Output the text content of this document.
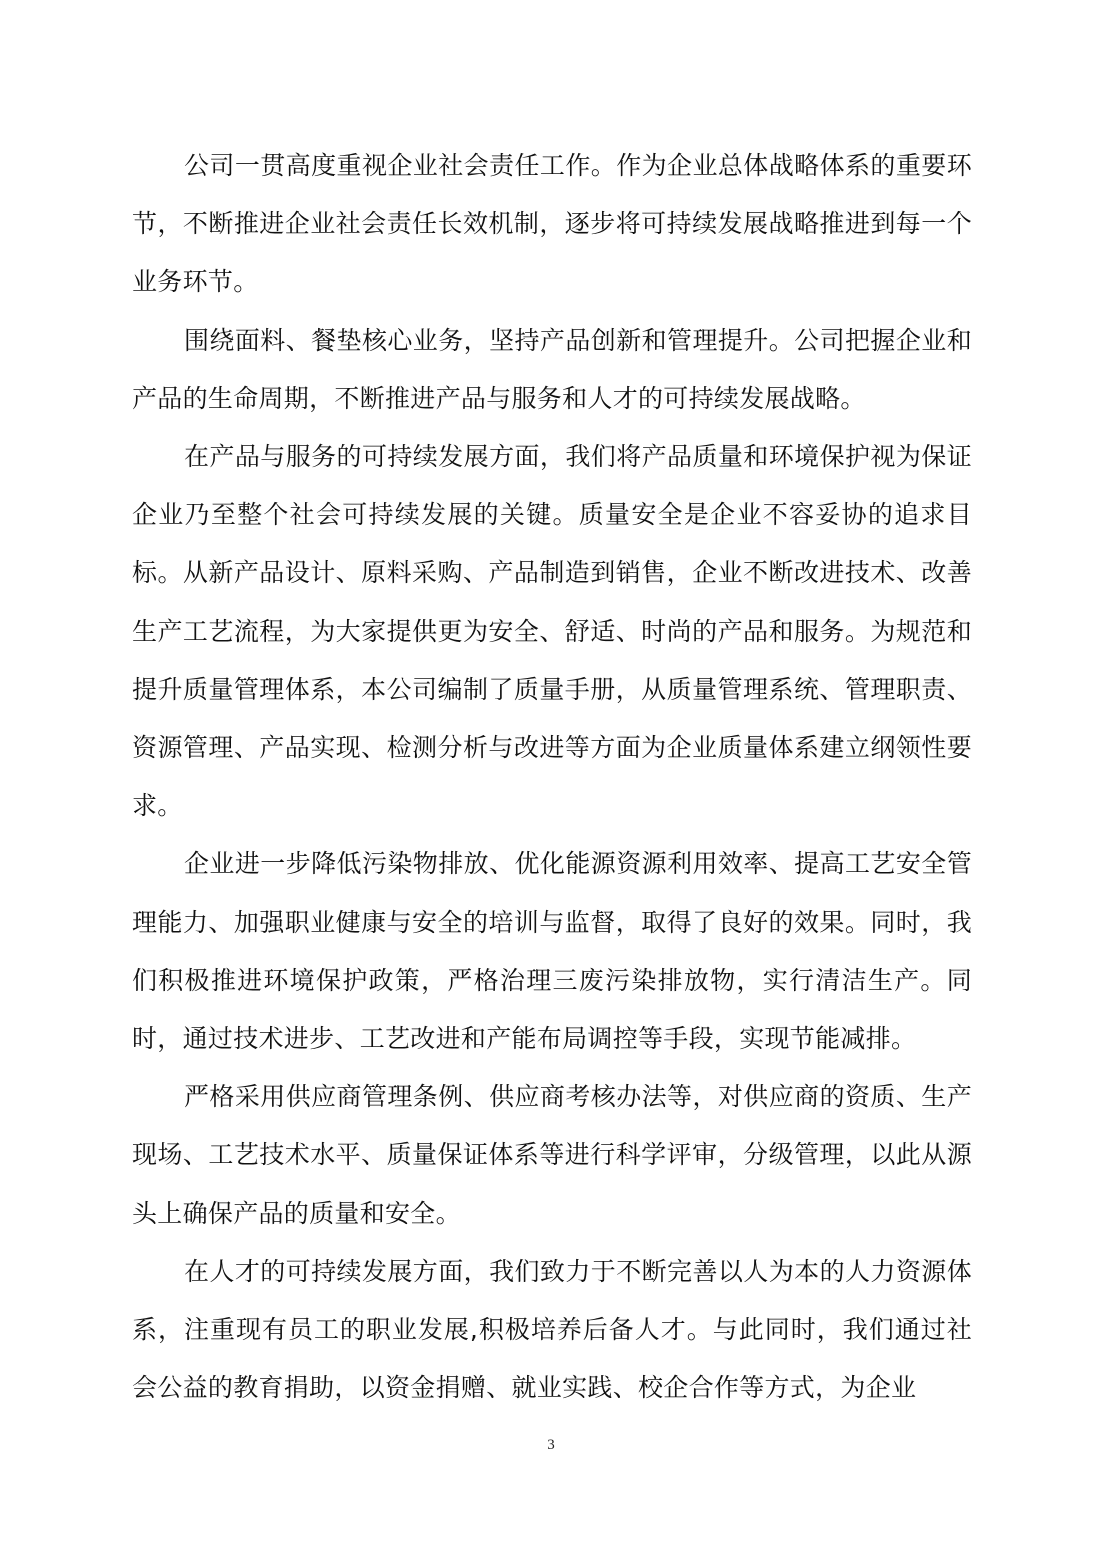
公司一贯高度重视企业社会责任工作。作为企业总体战略体系的重要环节，不断推进企业社会责任长效机制，逐步将可持续发展战略推进到每一个业务环节。

围绕面料、餐垫核心业务，坚持产品创新和管理提升。公司把握企业和产品的生命周期，不断推进产品与服务和人才的可持续发展战略。

在产品与服务的可持续发展方面，我们将产品质量和环境保护视为保证企业乃至整个社会可持续发展的关键。质量安全是企业不容妥协的追求目标。从新产品设计、原料采购、产品制造到销售，企业不断改进技术、改善生产工艺流程，为大家提供更为安全、舒适、时尚的产品和服务。为规范和提升质量管理体系，本公司编制了质量手册，从质量管理系统、管理职责、资源管理、产品实现、检测分析与改进等方面为企业质量体系建立纲领性要求。

企业进一步降低污染物排放、优化能源资源利用效率、提高工艺安全管理能力、加强职业健康与安全的培训与监督，取得了良好的效果。同时，我们积极推进环境保护政策，严格治理三废污染排放物，实行清洁生产。同时，通过技术进步、工艺改进和产能布局调控等手段，实现节能减排。

严格采用供应商管理条例、供应商考核办法等，对供应商的资质、生产现场、工艺技术水平、质量保证体系等进行科学评审，分级管理，以此从源头上确保产品的质量和安全。

在人才的可持续发展方面，我们致力于不断完善以人为本的人力资源体系，注重现有员工的职业发展,积极培养后备人才。与此同时，我们通过社会公益的教育捐助，以资金捐赠、就业实践、校企合作等方式，为企业

3
